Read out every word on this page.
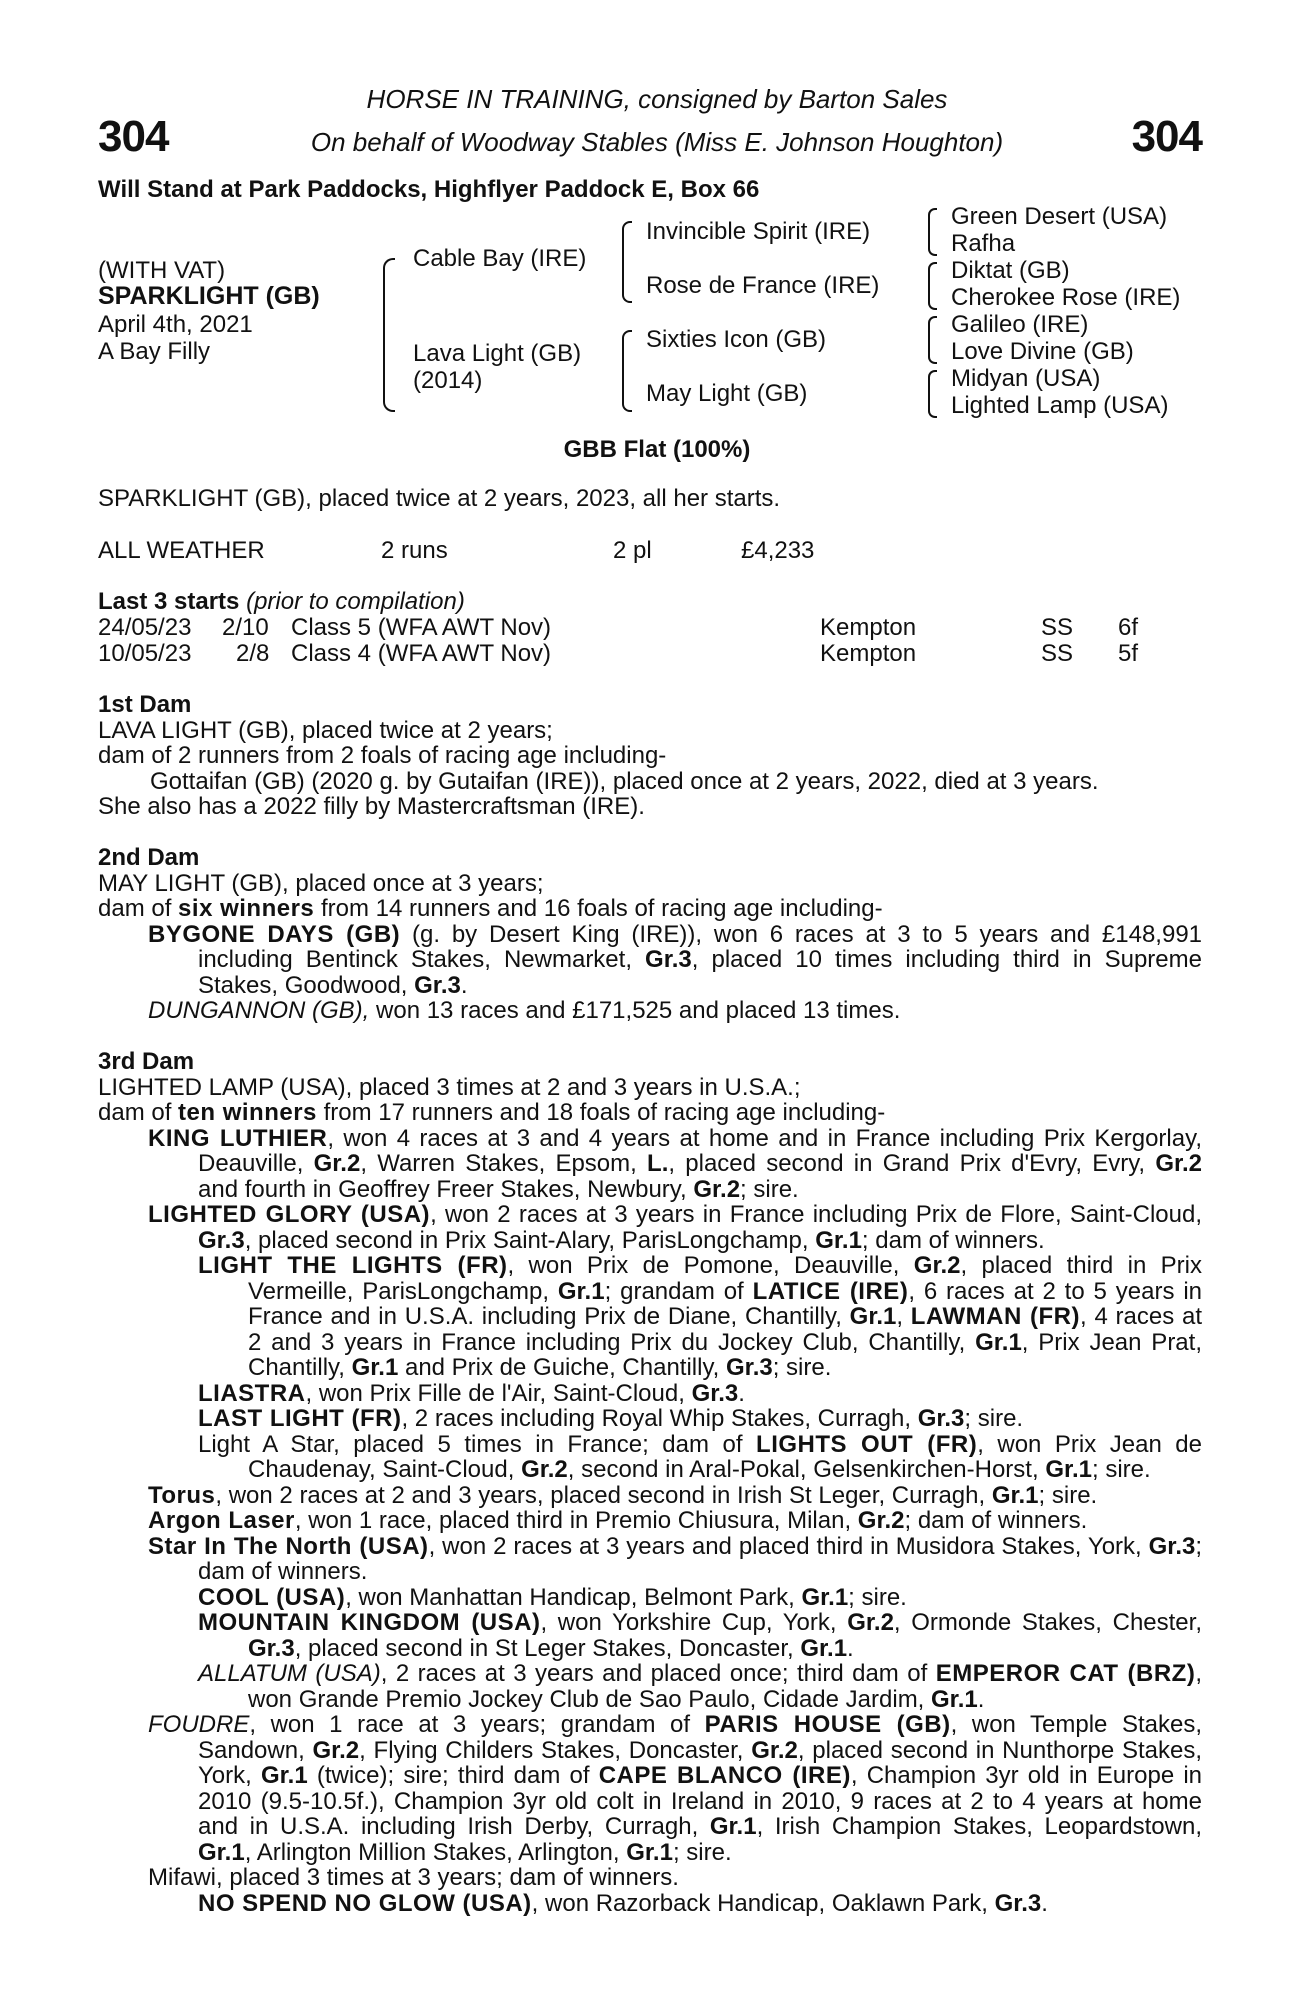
HORSE IN TRAINING, consigned by Barton Sales
304	On behalf of Woodway Stables (Miss E. Johnson Houghton)	304
Will Stand at Park Paddocks, Highflyer Paddock E, Box 66
(WITH VAT)
SPARKLIGHT (GB)
April 4th, 2021
A Bay Filly
Cable Bay (IRE)
Lava Light (GB)
(2014)
Invincible Spirit (IRE)
Rose de France (IRE)
Sixties Icon (GB)
May Light (GB)
Green Desert (USA)
Rafha
Diktat (GB)
Cherokee Rose (IRE)
Galileo (IRE)
Love Divine (GB)
Midyan (USA)
Lighted Lamp (USA)
GBB Flat (100%)
SPARKLIGHT (GB), placed twice at 2 years, 2023, all her starts.
ALL WEATHER	2 runs	2 pl	£4,233
Last 3 starts (prior to compilation)
24/05/23 2/10 Class 5 (WFA AWT Nov)	Kempton	SS 6f
10/05/23 2/8 Class 4 (WFA AWT Nov)	Kempton	SS 5f

1st Dam

LAVA LIGHT (GB), placed twice at 2 years;

dam of 2 runners from 2 foals of racing age including-

Gottaifan (GB) (2020 g. by Gutaifan (IRE)), placed once at 2 years, 2022, died at 3 years.

She also has a 2022 filly by Mastercraftsman (IRE).

2nd Dam

MAY LIGHT (GB), placed once at 3 years;

dam of six winners from 14 runners and 16 foals of racing age including-

BYGONE DAYS (GB) (g. by Desert King (IRE)), won 6 races at 3 to 5 years and £148,991 including Bentinck Stakes, Newmarket, Gr.3, placed 10 times including third in Supreme Stakes, Goodwood, Gr.3.

DUNGANNON (GB), won 13 races and £171,525 and placed 13 times.

3rd Dam

LIGHTED LAMP (USA), placed 3 times at 2 and 3 years in U.S.A.;

dam of ten winners from 17 runners and 18 foals of racing age including-

KING LUTHIER, won 4 races at 3 and 4 years at home and in France including Prix Kergorlay, Deauville, Gr.2, Warren Stakes, Epsom, L., placed second in Grand Prix d'Evry, Evry, Gr.2 and fourth in Geoffrey Freer Stakes, Newbury, Gr.2; sire.

LIGHTED GLORY (USA), won 2 races at 3 years in France including Prix de Flore, Saint-Cloud, Gr.3, placed second in Prix Saint-Alary, ParisLongchamp, Gr.1; dam of winners.

LIGHT THE LIGHTS (FR), won Prix de Pomone, Deauville, Gr.2, placed third in Prix Vermeille, ParisLongchamp, Gr.1; grandam of LATICE (IRE), 6 races at 2 to 5 years in France and in U.S.A. including Prix de Diane, Chantilly, Gr.1, LAWMAN (FR), 4 races at 2 and 3 years in France including Prix du Jockey Club, Chantilly, Gr.1, Prix Jean Prat, Chantilly, Gr.1 and Prix de Guiche, Chantilly, Gr.3; sire.

LIASTRA, won Prix Fille de l'Air, Saint-Cloud, Gr.3.

LAST LIGHT (FR), 2 races including Royal Whip Stakes, Curragh, Gr.3; sire.

Light A Star, placed 5 times in France; dam of LIGHTS OUT (FR), won Prix Jean de Chaudenay, Saint-Cloud, Gr.2, second in Aral-Pokal, Gelsenkirchen-Horst, Gr.1; sire.

Torus, won 2 races at 2 and 3 years, placed second in Irish St Leger, Curragh, Gr.1; sire.

Argon Laser, won 1 race, placed third in Premio Chiusura, Milan, Gr.2; dam of winners.

Star In The North (USA), won 2 races at 3 years and placed third in Musidora Stakes, York, Gr.3; dam of winners.

COOL (USA), won Manhattan Handicap, Belmont Park, Gr.1; sire.

MOUNTAIN KINGDOM (USA), won Yorkshire Cup, York, Gr.2, Ormonde Stakes, Chester, Gr.3, placed second in St Leger Stakes, Doncaster, Gr.1.

ALLATUM (USA), 2 races at 3 years and placed once; third dam of EMPEROR CAT (BRZ), won Grande Premio Jockey Club de Sao Paulo, Cidade Jardim, Gr.1.

FOUDRE, won 1 race at 3 years; grandam of PARIS HOUSE (GB), won Temple Stakes, Sandown, Gr.2, Flying Childers Stakes, Doncaster, Gr.2, placed second in Nunthorpe Stakes, York, Gr.1 (twice); sire; third dam of CAPE BLANCO (IRE), Champion 3yr old in Europe in 2010 (9.5-10.5f.), Champion 3yr old colt in Ireland in 2010, 9 races at 2 to 4 years at home and in U.S.A. including Irish Derby, Curragh, Gr.1, Irish Champion Stakes, Leopardstown, Gr.1, Arlington Million Stakes, Arlington, Gr.1; sire.

Mifawi, placed 3 times at 3 years; dam of winners.

NO SPEND NO GLOW (USA), won Razorback Handicap, Oaklawn Park, Gr.3.
